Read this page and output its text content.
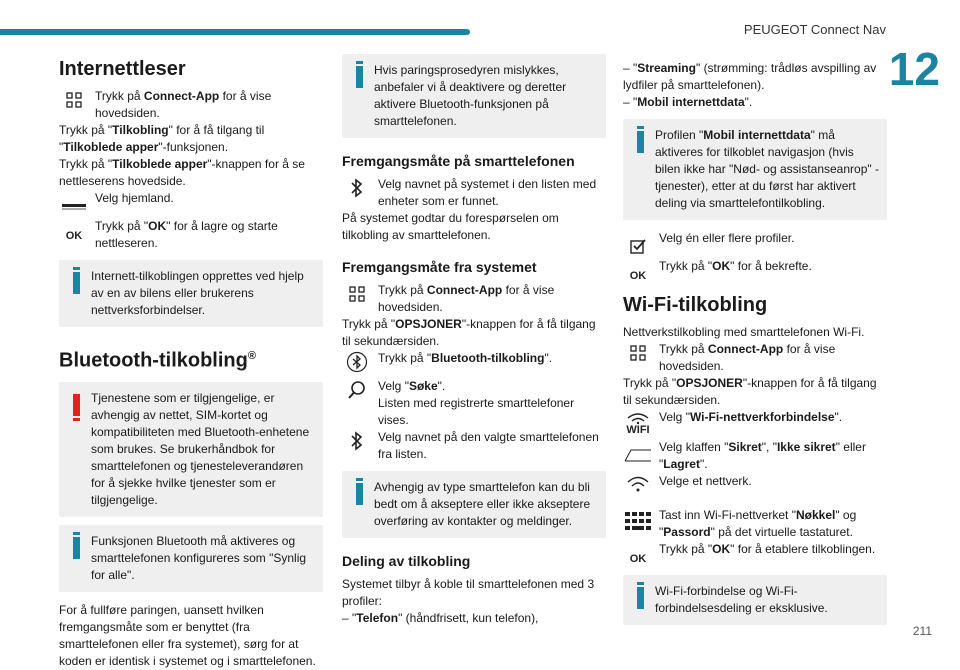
PEUGEOT Connect Nav
12
Internettleser

Trykk på Connect-App for å vise hovedsiden.

Trykk på "Tilkobling" for å få tilgang til "Tilkoblede apper"-funksjonen.

Trykk på "Tilkoblede apper"-knappen for å se nettleserens hovedside.

Velg hjemland.

OK

Trykk på "OK" for å lagre og starte nettleseren.

Internett-tilkoblingen opprettes ved hjelp av en av bilens eller brukerens nettverksforbindelser.
Bluetooth-tilkobling®
Tjenestene som er tilgjengelige, er avhengig av nettet, SIM-kortet og kompatibiliteten med Bluetooth-enhetene som brukes. Se brukerhåndbok for smarttelefonen og tjenesteleverandøren for å sjekke hvilke tjenester som er tilgjengelige.
Funksjonen Bluetooth må aktiveres og smarttelefonen konfigureres som "Synlig for alle".

For å fullføre paringen, uansett hvilken fremgangsmåte som er benyttet (fra smarttelefonen eller fra systemet), sørg for at koden er identisk i systemet og i smarttelefonen.

Hvis paringsprosedyren mislykkes, anbefaler vi å deaktivere og deretter aktivere Bluetooth-funksjonen på smarttelefonen.
Fremgangsmåte på smarttelefonen

Velg navnet på systemet i den listen med enheter som er funnet.

På systemet godtar du forespørselen om tilkobling av smarttelefonen.

Fremgangsmåte fra systemet

Trykk på Connect-App for å vise hovedsiden.

Trykk på "OPSJONER"-knappen for å få tilgang til sekundærsiden.

Trykk på "Bluetooth-tilkobling".

Velg "Søke".

Listen med registrerte smarttelefoner vises.

Velg navnet på den valgte smarttelefonen fra listen.

Avhengig av type smarttelefon kan du bli bedt om å akseptere eller ikke akseptere overføring av kontakter og meldinger.
Deling av tilkobling

Systemet tilbyr å koble til smarttelefonen med 3 profiler:

– "Telefon" (håndfrisett, kun telefon),

– "Streaming" (strømming: trådløs avspilling av lydfiler på smarttelefonen).

– "Mobil internettdata".

Profilen "Mobil internettdata" må aktiveres for tilkoblet navigasjon (hvis bilen ikke har "Nød- og assistanseanrop" -tjenester), etter at du først har aktivert deling via smarttelefontilkobling.

Velg én eller flere profiler.

OK

Trykk på "OK" for å bekrefte.

Wi-Fi-tilkobling

Nettverkstilkobling med smarttelefonen Wi-Fi.

Trykk på Connect-App for å vise hovedsiden.

Trykk på "OPSJONER"-knappen for å få tilgang til sekundærsiden.

WIFI

Velg "Wi-Fi-nettverkforbindelse".

Velg klaffen "Sikret", "Ikke sikret" eller "Lagret".

Velge et nettverk.

Tast inn Wi-Fi-nettverket "Nøkkel" og "Passord" på det virtuelle tastaturet.

OK

Trykk på "OK" for å etablere tilkoblingen.

Wi-Fi-forbindelse og Wi-Fi-forbindelsesdeling er eksklusive.
211
